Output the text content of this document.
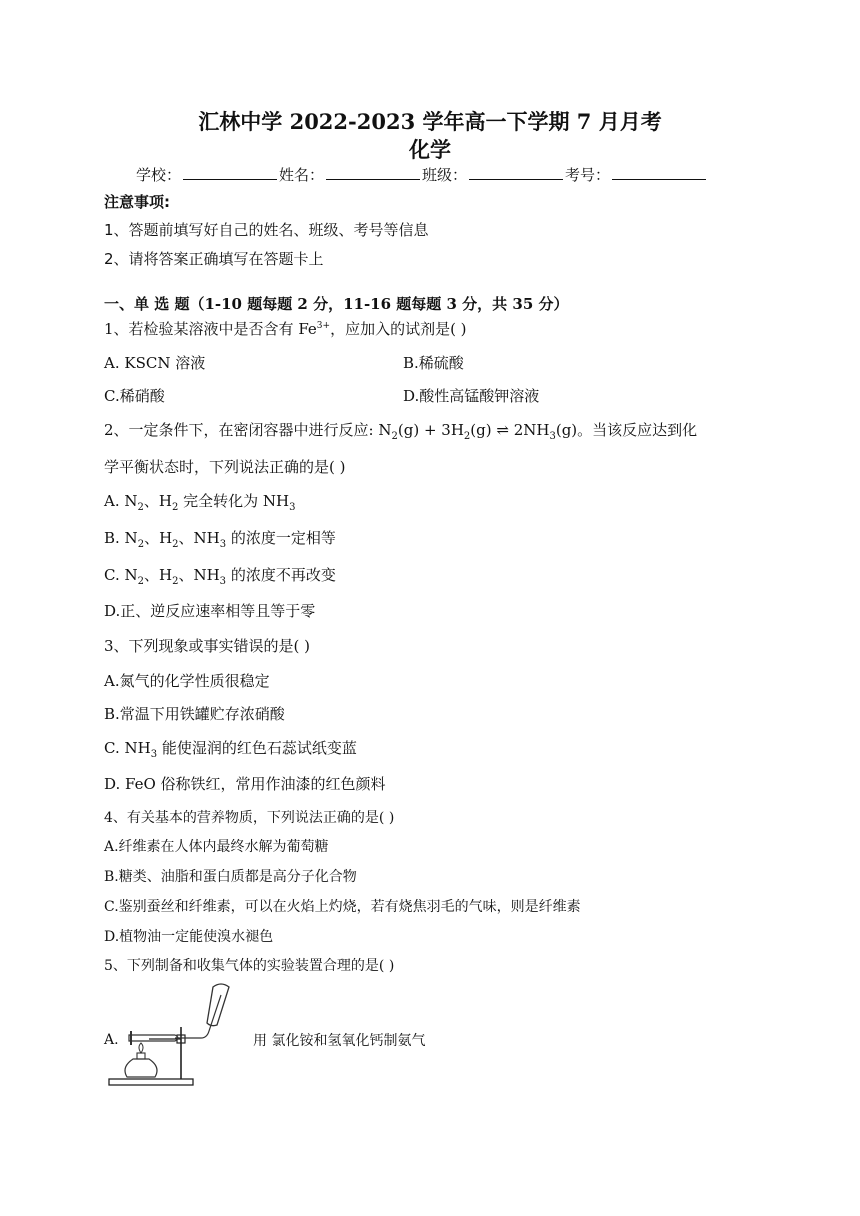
汇林中学 2022-2023 学年高一下学期 7 月月考
化学
学校：	姓名：	班级：	考号：
注意事项:
1、答题前填写好自己的姓名、班级、考号等信息
2、请将答案正确填写在答题卡上
一、单 选 题（1-10 题每题 2 分，11-16 题每题 3 分，共 35 分）
1、若检验某溶液中是否含有 $Fe^{3+}$，应加入的试剂是( )
A. KSCN 溶液	B.稀硫酸
C.稀硝酸	D.酸性高锰酸钾溶液
2、一定条件下，在密闭容器中进行反应: $N_2(g) + 3H_2(g)$ ⇌ $2NH_3(g)$。当该反应达到化
学平衡状态时，下列说法正确的是( )
A. $N_2$、$H_2$ 完全转化为 $NH_3$
B. $N_2$、$H_2$、$NH_3$ 的浓度一定相等
C. $N_2$、$H_2$、$NH_3$ 的浓度不再改变
D.正、逆反应速率相等且等于零
3、下列现象或事实错误的是( )
A.氮气的化学性质很稳定
B.常温下用铁罐贮存浓硝酸
C. $NH_3$ 能使湿润的红色石蕊试纸变蓝
D. FeO 俗称铁红，常用作油漆的红色颜料
4、有关基本的营养物质，下列说法正确的是( )
A.纤维素在人体内最终水解为葡萄糖
B.糖类、油脂和蛋白质都是高分子化合物
C.鉴别蚕丝和纤维素，可以在火焰上灼烧，若有烧焦羽毛的气味，则是纤维素
D.植物油一定能使溴水褪色
5、下列制备和收集气体的实验装置合理的是( )
A.	用 氯化铵和氢氧化钙制氨气
